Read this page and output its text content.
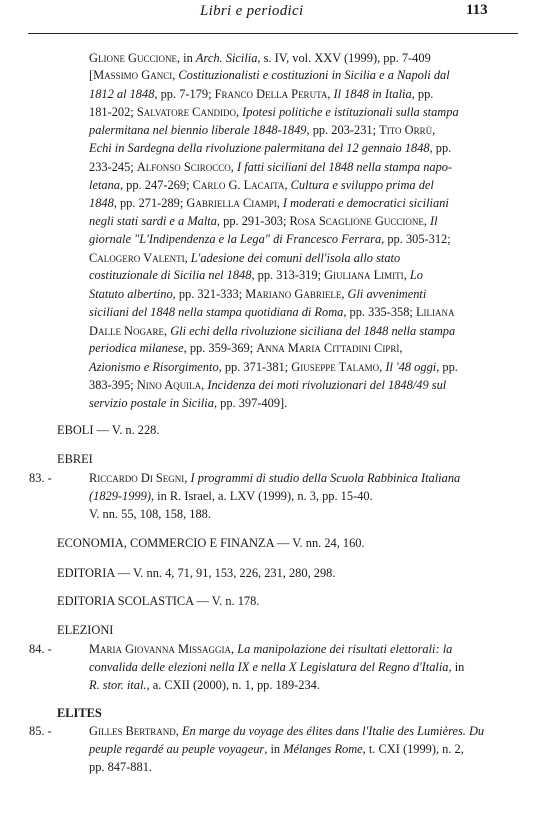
Libri e periodici	113
Glione Guccione, in Arch. Sicilia, s. IV, vol. XXV (1999), pp. 7-409
[Massimo Ganci, Costituzionalisti e costituzioni in Sicilia e a Napoli dal
1812 al 1848, pp. 7-179; Franco Della Peruta, Il 1848 in Italia, pp.
181-202; Salvatore Candido, Ipotesi politiche e istituzionali sulla stampa
palermitana nel biennio liberale 1848-1849, pp. 203-231; Tito Orrù,
Echi in Sardegna della rivoluzione palermitana del 12 gennaio 1848, pp.
233-245; Alfonso Scirocco, I fatti siciliani del 1848 nella stampa napo-
letana, pp. 247-269; Carlo G. Lacaita, Cultura e sviluppo prima del
1848, pp. 271-289; Gabriella Ciampi, I moderati e democratici siciliani
negli stati sardi e a Malta, pp. 291-303; Rosa Scaglione Guccione, Il
giornale "L'Indipendenza e la Lega" di Francesco Ferrara, pp. 305-312;
Calogero Valenti, L'adesione dei comuni dell'isola allo stato
costituzionale di Sicilia nel 1848, pp. 313-319; Giuliana Limiti, Lo
Statuto albertino, pp. 321-333; Mariano Gabriele, Gli avvenimenti
siciliani del 1848 nella stampa quotidiana di Roma, pp. 335-358; Liliana
Dalle Nogare, Gli echi della rivoluzione siciliana del 1848 nella stampa
periodica milanese, pp. 359-369; Anna Maria Cittadini Ciprì,
Azionismo e Risorgimento, pp. 371-381; Giuseppe Talamo, Il '48 oggi, pp.
383-395; Nino Aquila, Incidenza dei moti rivoluzionari del 1848/49 sul
servizio postale in Sicilia, pp. 397-409].
EBOLI — V. n. 228.
EBREI
83. -	Riccardo Di Segni, I programmi di studio della Scuola Rabbinica Italiana
(1829-1999), in R. Israel, a. LXV (1999), n. 3, pp. 15-40.
V. nn. 55, 108, 158, 188.
ECONOMIA, COMMERCIO E FINANZA — V. nn. 24, 160.
EDITORIA — V. nn. 4, 71, 91, 153, 226, 231, 280, 298.
EDITORIA SCOLASTICA — V. n. 178.
ELEZIONI
84. -	Maria Giovanna Missaggia, La manipolazione dei risultati elettorali: la
convalida delle elezioni nella IX e nella X Legislatura del Regno d'Italia, in
R. stor. ital., a. CXII (2000), n. 1, pp. 189-234.
ELITES
85. -	Gilles Bertrand, En marge du voyage des élites dans l'Italie des Lumières. Du
peuple regardé au peuple voyageur, in Mélanges Rome, t. CXI (1999), n. 2,
pp. 847-881.
